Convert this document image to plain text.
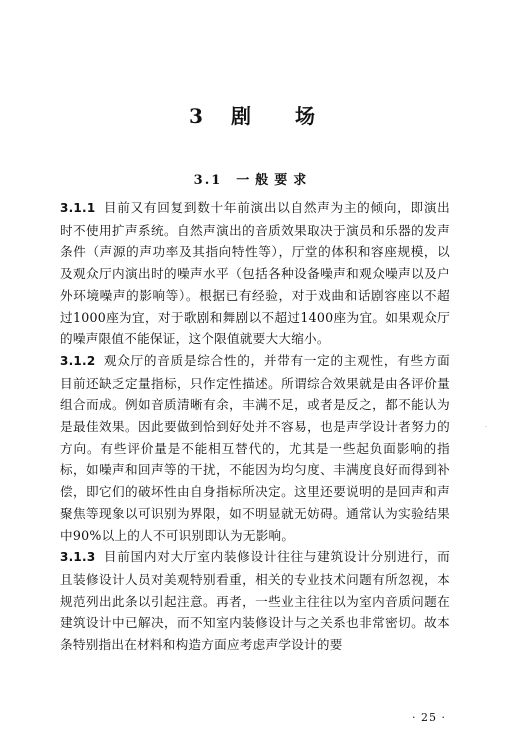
3 剧 场
3.1 一般要求

3.1.1 目前又有回复到数十年前演出以自然声为主的倾向，即演出时不使用扩声系统。自然声演出的音质效果取决于演员和乐器的发声条件（声源的声功率及其指向特性等），厅堂的体积和容座规模，以及观众厅内演出时的噪声水平（包括各种设备噪声和观众噪声以及户外环境噪声的影响等）。根据已有经验，对于戏曲和话剧容座以不超过1000座为宜，对于歌剧和舞剧以不超过1400座为宜。如果观众厅的噪声限值不能保证，这个限值就要大大缩小。

3.1.2 观众厅的音质是综合性的，并带有一定的主观性，有些方面目前还缺乏定量指标，只作定性描述。所谓综合效果就是由各评价量组合而成。例如音质清晰有余，丰满不足，或者是反之，都不能认为是最佳效果。因此要做到恰到好处并不容易，也是声学设计者努力的方向。有些评价量是不能相互替代的，尤其是一些起负面影响的指标，如噪声和回声等的干扰，不能因为均匀度、丰满度良好而得到补偿，即它们的破坏性由自身指标所决定。这里还要说明的是回声和声聚焦等现象以可识别为界限，如不明显就无妨碍。通常认为实验结果中90%以上的人不可识别即认为无影响。

3.1.3 目前国内对大厅室内装修设计往往与建筑设计分别进行，而且装修设计人员对美观特别看重，相关的专业技术问题有所忽视，本规范列出此条以引起注意。再者，一些业主往往以为室内音质问题在建筑设计中已解决，而不知室内装修设计与之关系也非常密切。故本条特别指出在材料和构造方面应考虑声学设计的要

·
· 25 ·
